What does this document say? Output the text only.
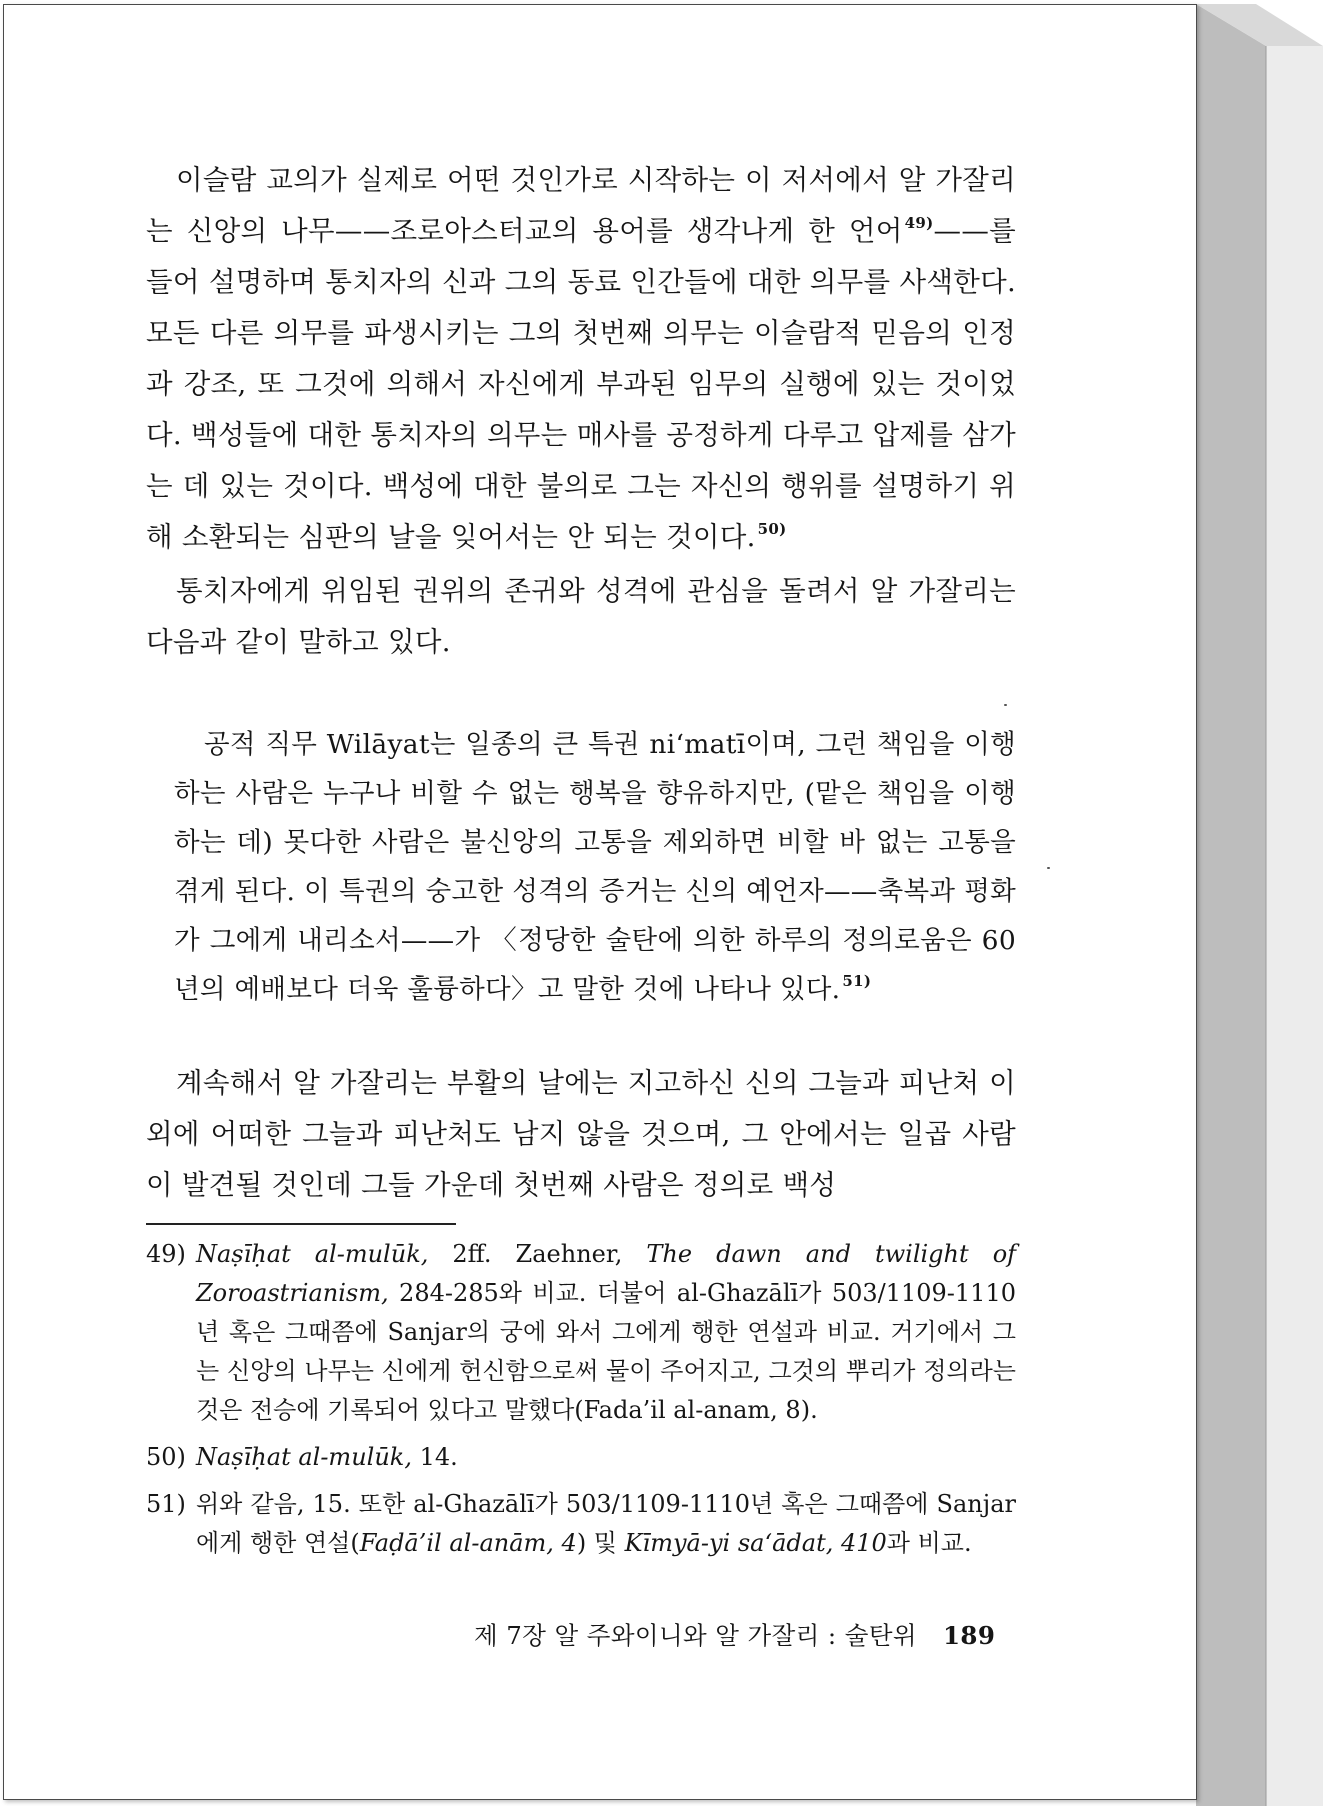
이슬람 교의가 실제로 어떤 것인가로 시작하는 이 저서에서 알 가잘리는 신앙의 나무——조로아스터교의 용어를 생각나게 한 언어 $^{49)}$——를 들어 설명하며 통치자의 신과 그의 동료 인간들에 대한 의무를 사색한다. 모든 다른 의무를 파생시키는 그의 첫번째 의무는 이슬람적 믿음의 인정과 강조, 또 그것에 의해서 자신에게 부과된 임무의 실행에 있는 것이었다. 백성들에 대한 통치자의 의무는 매사를 공정하게 다루고 압제를 삼가는 데 있는 것이다. 백성에 대한 불의로 그는 자신의 행위를 설명하기 위해 소환되는 심판의 날을 잊어서는 안 되는 것이다. $^{50)}$

통치자에게 위임된 권위의 존귀와 성격에 관심을 돌려서 알 가잘리는 다음과 같이 말하고 있다.

공적 직무 Wilāyat는 일종의 큰 특권 niʻmatī이며, 그런 책임을 이행하는 사람은 누구나 비할 수 없는 행복을 향유하지만, (맡은 책임을 이행하는 데) 못다한 사람은 불신앙의 고통을 제외하면 비할 바 없는 고통을 겪게 된다. 이 특권의 숭고한 성격의 증거는 신의 예언자——축복과 평화가 그에게 내리소서——가 〈정당한 술탄에 의한 하루의 정의로움은 60년의 예배보다 더욱 훌륭하다〉고 말한 것에 나타나 있다. $^{51)}$

계속해서 알 가잘리는 부활의 날에는 지고하신 신의 그늘과 피난처 이외에 어떠한 그늘과 피난처도 남지 않을 것으며, 그 안에서는 일곱 사람이 발견될 것인데 그들 가운데 첫번째 사람은 정의로 백성

49) Naṣīḥat al-mulūk, 2ff. Zaehner, The dawn and twilight of Zoroastrianism, 284-285와 비교. 더불어 al-Ghazālī가 503/1109-1110년 혹은 그때쯤에 Sanjar의 궁에 와서 그에게 행한 연설과 비교. 거기에서 그는 신앙의 나무는 신에게 헌신함으로써 물이 주어지고, 그것의 뿌리가 정의라는 것은 전승에 기록되어 있다고 말했다(Fada’il al-anam, 8).
50) Naṣīḥat al-mulūk, 14.
51) 위와 같음, 15. 또한 al-Ghazālī가 503/1109-1110년 혹은 그때쯤에 Sanjar에게 행한 연설(Faḍā’il al-anām, 4) 및 Kīmyā-yi saʻādat, 410과 비교.
제 7장 알 주와이니와 알 가잘리 : 술탄위 189
